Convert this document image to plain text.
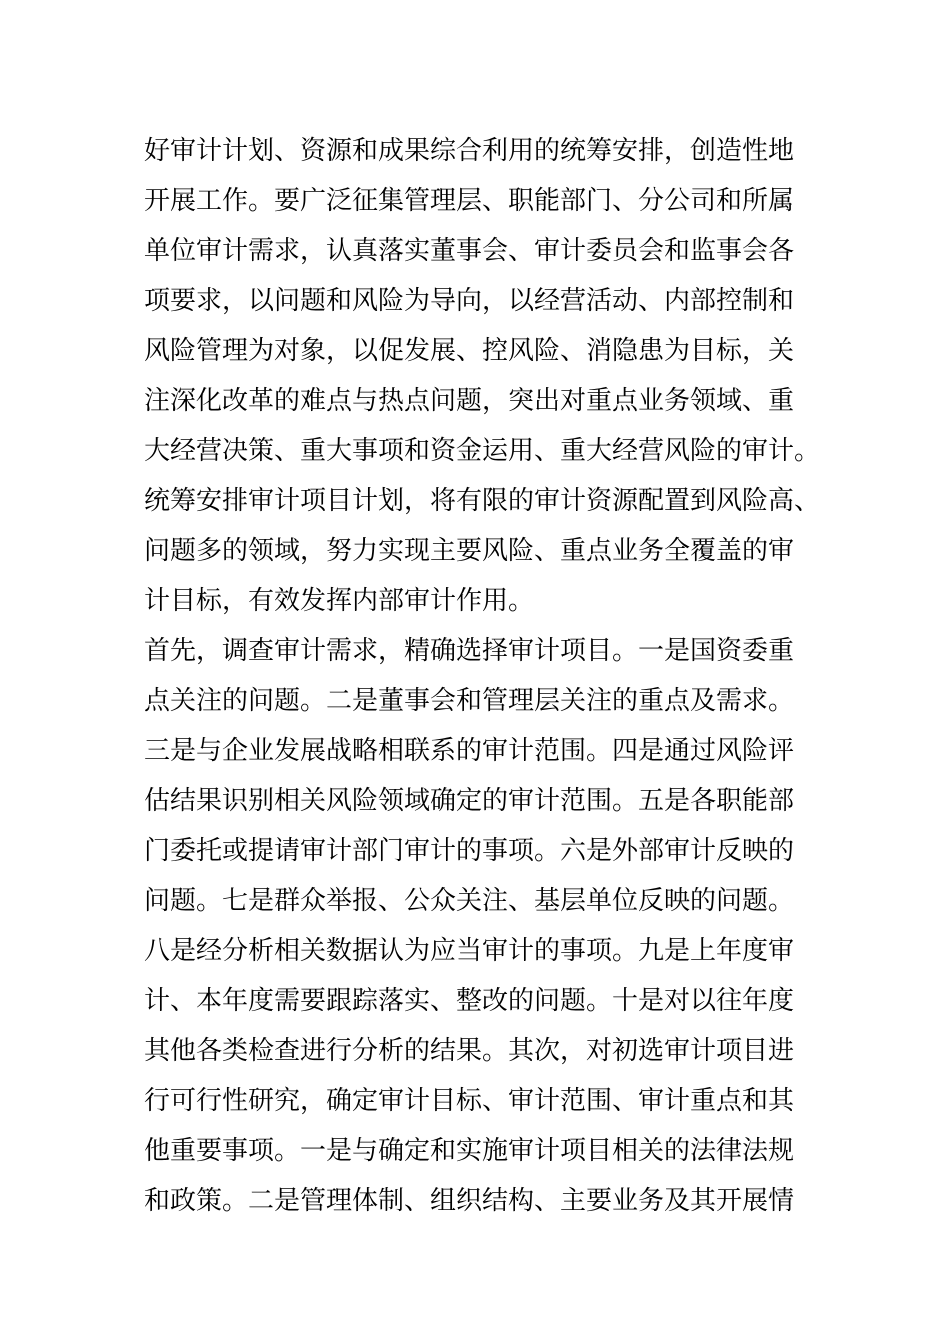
好审计计划、资源和成果综合利用的统筹安排，创造性地
开展工作。要广泛征集管理层、职能部门、分公司和所属
单位审计需求，认真落实董事会、审计委员会和监事会各
项要求，以问题和风险为导向，以经营活动、内部控制和
风险管理为对象，以促发展、控风险、消隐患为目标，关
注深化改革的难点与热点问题，突出对重点业务领域、重
大经营决策、重大事项和资金运用、重大经营风险的审计。
统筹安排审计项目计划，将有限的审计资源配置到风险高、
问题多的领域，努力实现主要风险、重点业务全覆盖的审
计目标，有效发挥内部审计作用。
首先，调查审计需求，精确选择审计项目。一是国资委重
点关注的问题。二是董事会和管理层关注的重点及需求。
三是与企业发展战略相联系的审计范围。四是通过风险评
估结果识别相关风险领域确定的审计范围。五是各职能部
门委托或提请审计部门审计的事项。六是外部审计反映的
问题。七是群众举报、公众关注、基层单位反映的问题。
八是经分析相关数据认为应当审计的事项。九是上年度审
计、本年度需要跟踪落实、整改的问题。十是对以往年度
其他各类检查进行分析的结果。其次，对初选审计项目进
行可行性研究，确定审计目标、审计范围、审计重点和其
他重要事项。一是与确定和实施审计项目相关的法律法规
和政策。二是管理体制、组织结构、主要业务及其开展情
